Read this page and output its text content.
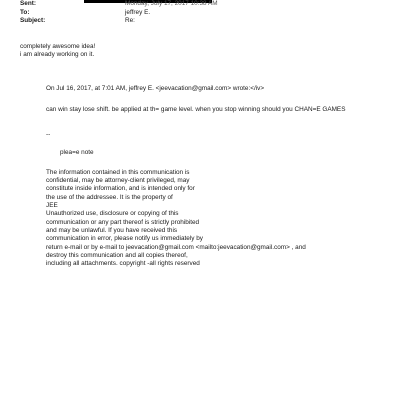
Sent:	Monday, July 17, 2017 10:38 AM
To:	jeffrey E.
Subject:	Re:
completely awesome idea!
i am already working on it.
On Jul 16, 2017, at 7:01 AM, jeffrey E. <jeevacation@gmail.com> wrote:</iv>
can win stay lose shift. be applied at th= game level. when you stop winning should you CHAN=E GAMES
--
plea=e note
The information contained in this communication is
confidential, may be attorney-client privileged, may
constitute inside information, and is intended only for
the use of the addressee. It is the property of
JEE
Unauthorized use, disclosure or copying of this
communication or any part thereof is strictly prohibited
and may be unlawful. If you have received this
communication in error, please notify us immediately by
return e-mail or by e-mail to jeevacation@gmail.com <mailto:jeevacation@gmail.com> , and
destroy this communication and all copies thereof,
including all attachments. copyright -all rights reserved
